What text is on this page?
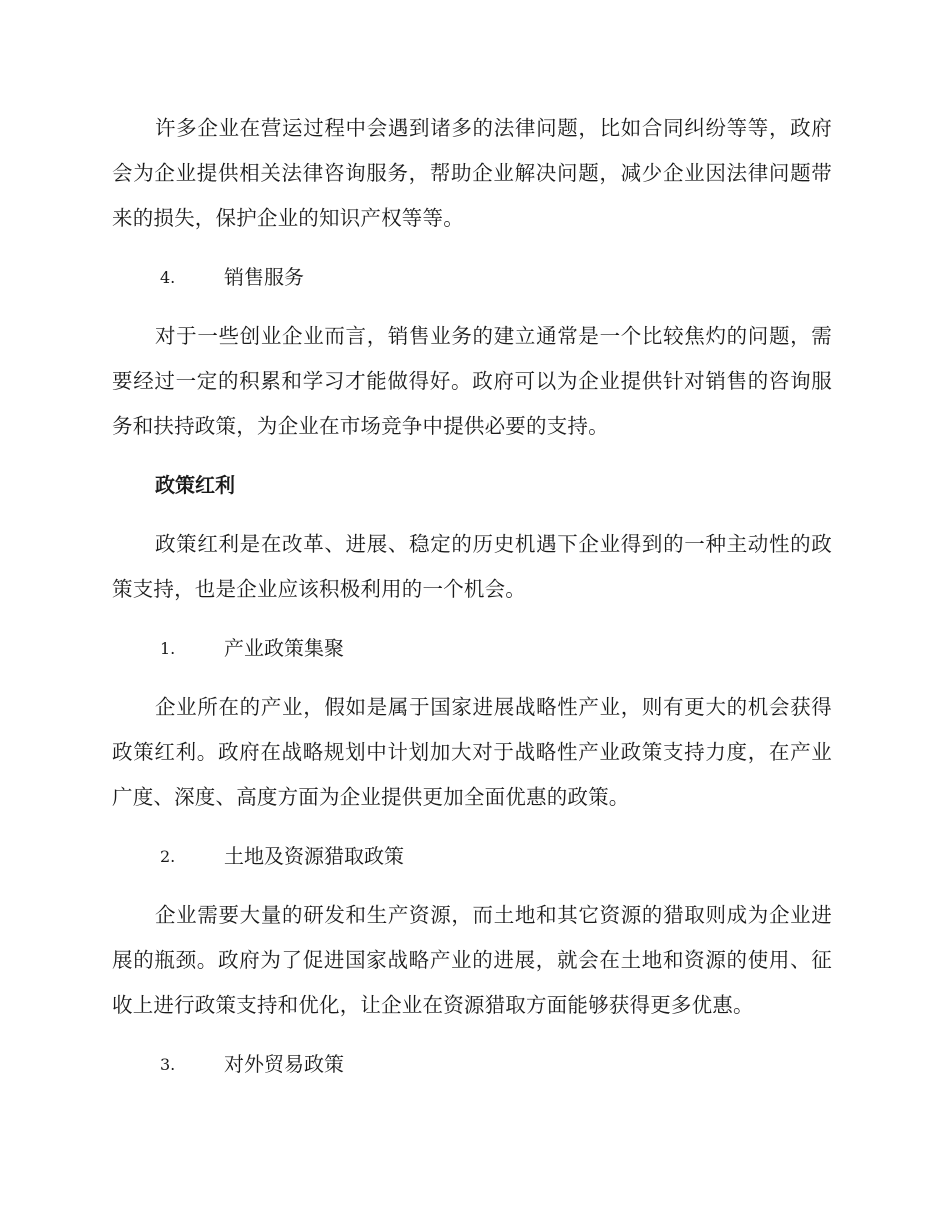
许多企业在营运过程中会遇到诸多的法律问题，比如合同纠纷等等，政府会为企业提供相关法律咨询服务，帮助企业解决问题，减少企业因法律问题带来的损失，保护企业的知识产权等等。

4.	销售服务

对于一些创业企业而言，销售业务的建立通常是一个比较焦灼的问题，需要经过一定的积累和学习才能做得好。政府可以为企业提供针对销售的咨询服务和扶持政策，为企业在市场竞争中提供必要的支持。

政策红利

政策红利是在改革、进展、稳定的历史机遇下企业得到的一种主动性的政策支持，也是企业应该积极利用的一个机会。

1.	产业政策集聚

企业所在的产业，假如是属于国家进展战略性产业，则有更大的机会获得政策红利。政府在战略规划中计划加大对于战略性产业政策支持力度，在产业广度、深度、高度方面为企业提供更加全面优惠的政策。

2.	土地及资源猎取政策

企业需要大量的研发和生产资源，而土地和其它资源的猎取则成为企业进展的瓶颈。政府为了促进国家战略产业的进展，就会在土地和资源的使用、征收上进行政策支持和优化，让企业在资源猎取方面能够获得更多优惠。

3.	对外贸易政策
